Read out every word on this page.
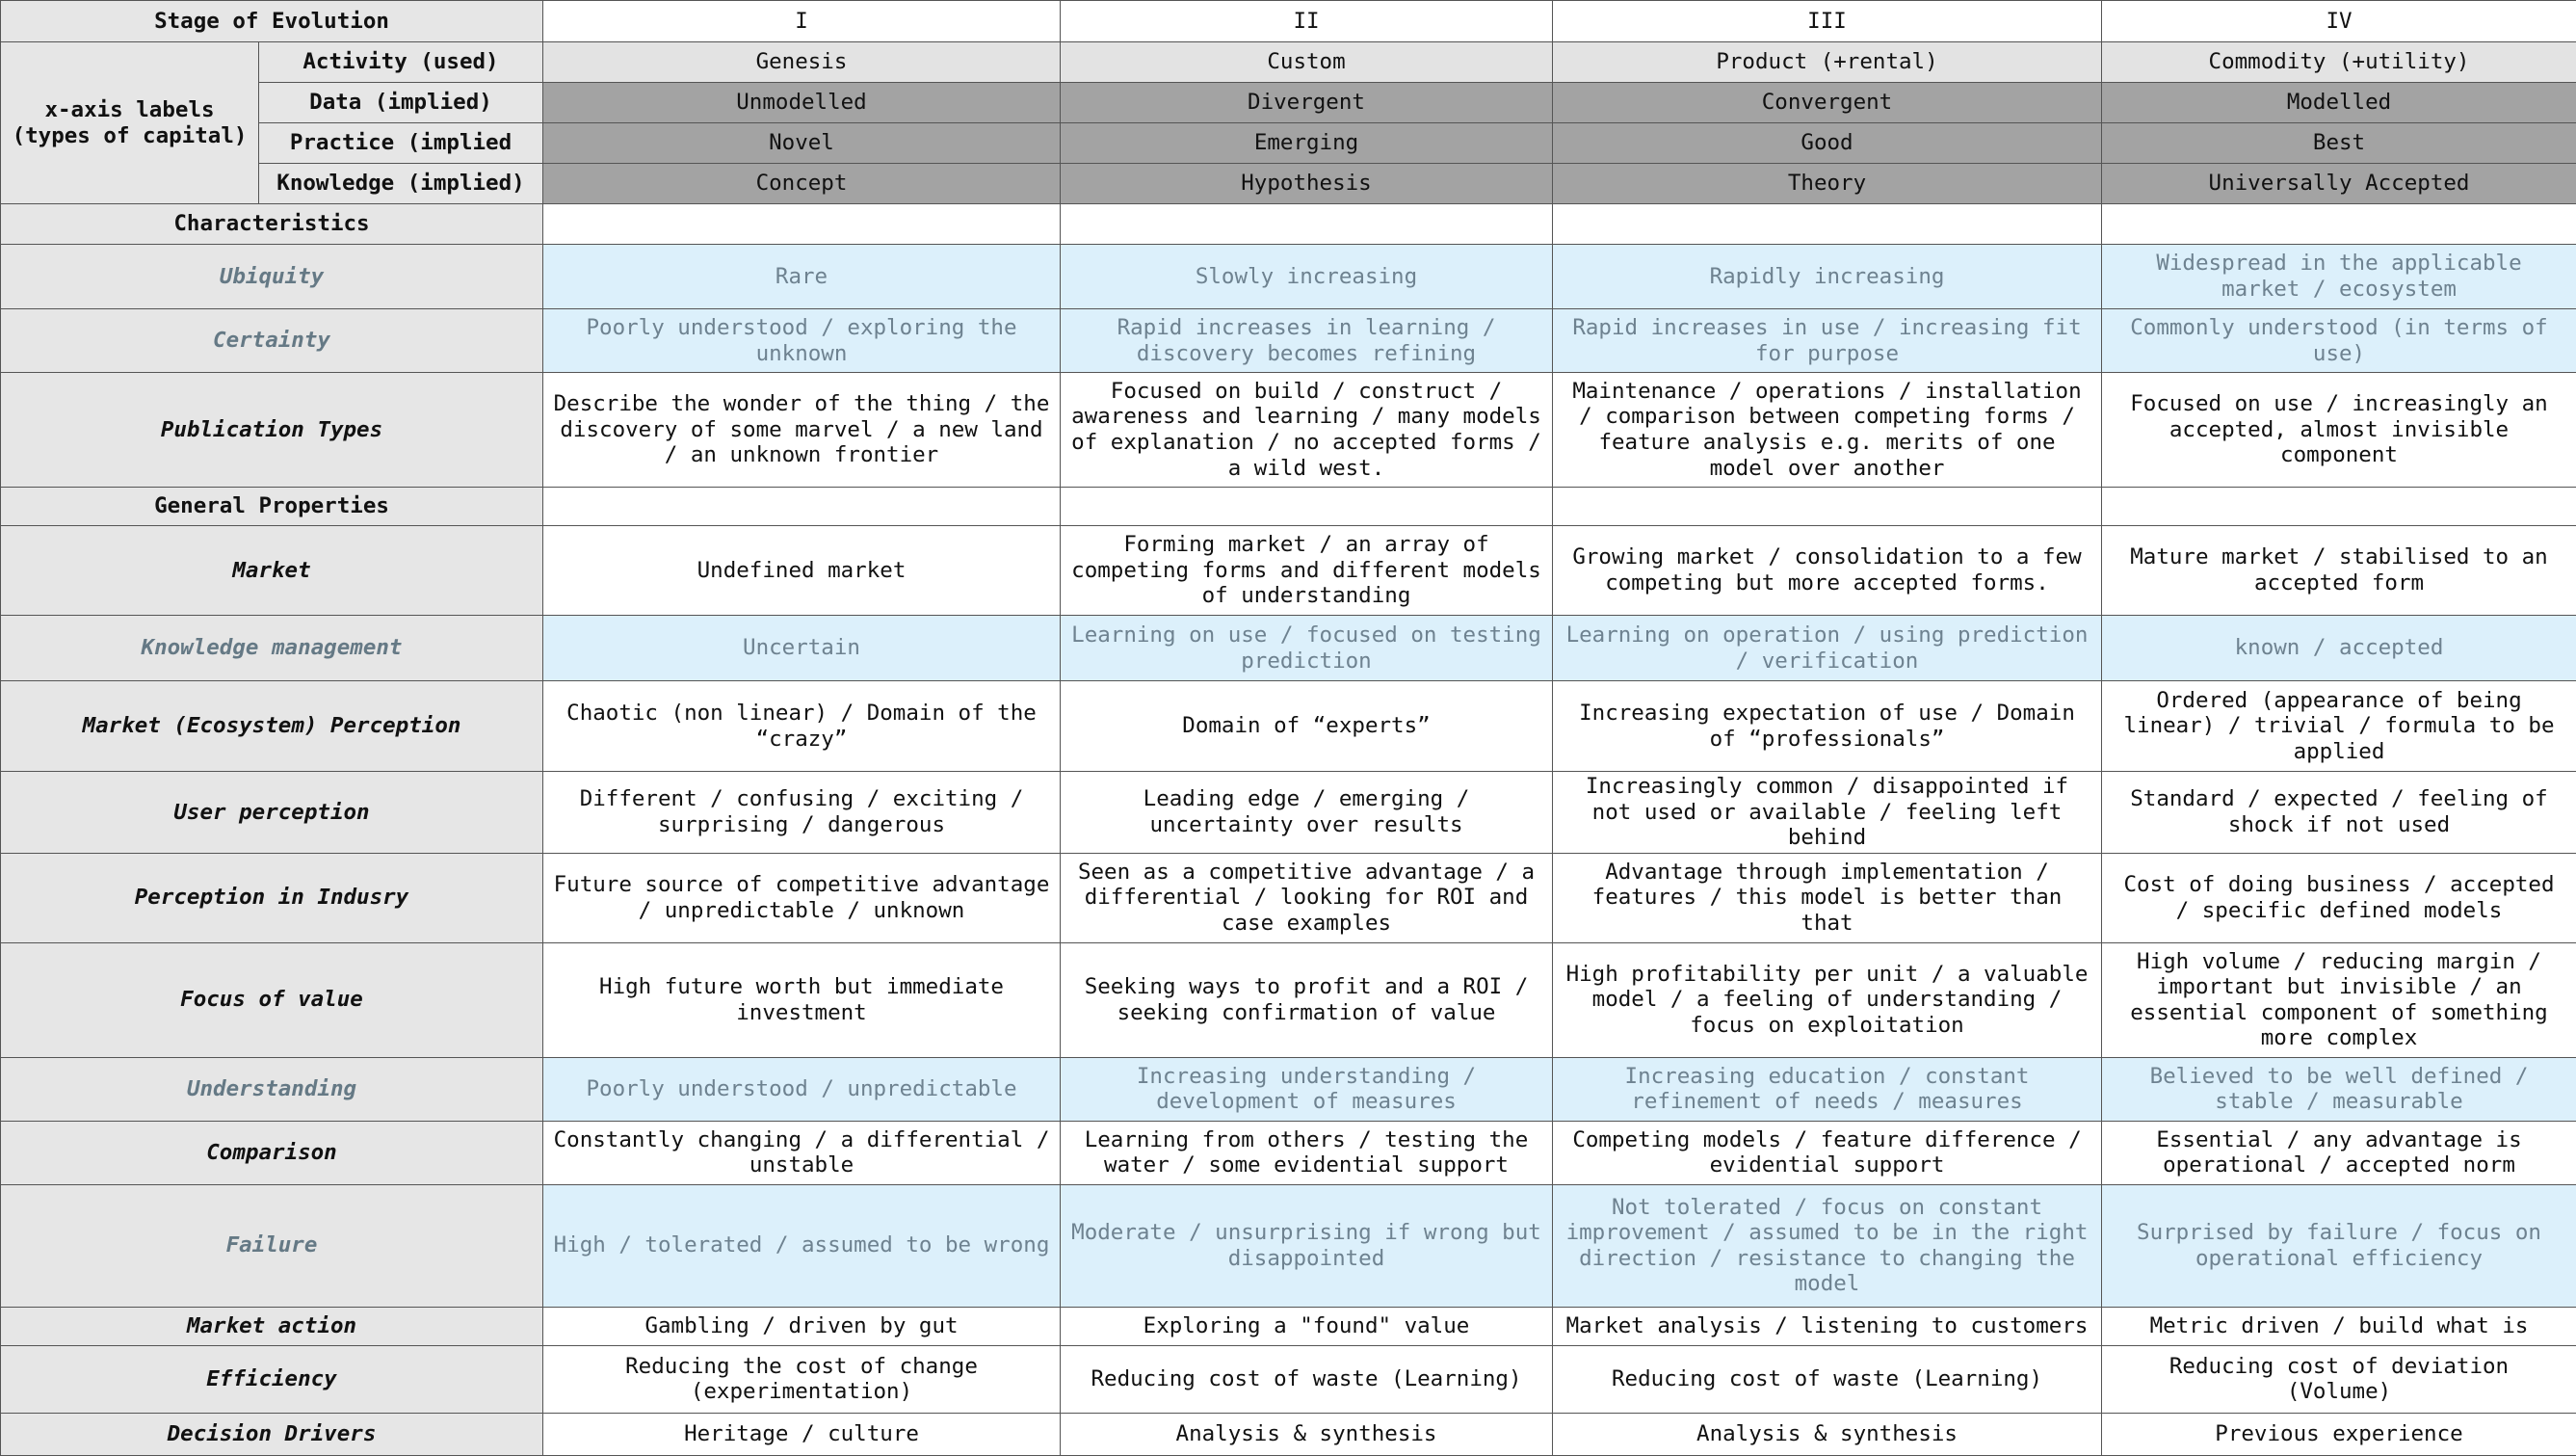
Stage of Evolution		I	II	III	IV

x-axis labels
(types of capital)	Activity (used)	Genesis	Custom	Product (+rental)	Commodity (+utility)
	Data (implied)	Unmodelled	Divergent	Convergent	Modelled
	Practice (implied	Novel	Emerging	Good	Best
	Knowledge (implied)	Concept	Hypothesis	Theory	Universally Accepted
Characteristics					
Ubiquity		Rare	Slowly increasing	Rapidly increasing	Widespread in the applicable market / ecosystem
Certainty		Poorly understood / exploring the unknown	Rapid increases in learning / discovery becomes refining	Rapid increases in use / increasing fit for purpose	Commonly understood (in terms of use)
Publication Types		Describe the wonder of the thing / the discovery of some marvel / a new land / an unknown frontier	Focused on build / construct / awareness and learning / many models of explanation / no accepted forms / a wild west.	Maintenance / operations / installation / comparison between competing forms / feature analysis e.g. merits of one model over another	Focused on use / increasingly an accepted, almost invisible component
General Properties					
Market		Undefined market	Forming market / an array of competing forms and different models of understanding	Growing market / consolidation to a few competing but more accepted forms.	Mature market / stabilised to an accepted form
Knowledge management		Uncertain	Learning on use / focused on testing prediction	Learning on operation / using prediction / verification	known / accepted
Market (Ecosystem) Perception		Chaotic (non linear) / Domain of the “crazy”	Domain of “experts”	Increasing expectation of use / Domain of “professionals”	Ordered (appearance of being linear) / trivial / formula to be applied
User perception		Different / confusing / exciting / surprising / dangerous	Leading edge / emerging / uncertainty over results	Increasingly common / disappointed if not used or available / feeling left behind	Standard / expected / feeling of shock if not used
Perception in Indusry		Future source of competitive advantage / unpredictable / unknown	Seen as a competitive advantage / a differential / looking for ROI and case examples	Advantage through implementation / features / this model is better than that	Cost of doing business / accepted / specific defined models
Focus of value		High future worth but immediate investment	Seeking ways to profit and a ROI / seeking confirmation of value	High profitability per unit / a valuable model / a feeling of understanding / focus on exploitation	High volume / reducing margin / important but invisible / an essential component of something more complex
Understanding		Poorly understood / unpredictable	Increasing understanding / development of measures	Increasing education / constant refinement of needs / measures	Believed to be well defined / stable / measurable
Comparison		Constantly changing / a differential / unstable	Learning from others / testing the water / some evidential support	Competing models / feature difference / evidential support	Essential / any advantage is operational / accepted norm
Failure		High / tolerated / assumed to be wrong	Moderate / unsurprising if wrong but disappointed	Not tolerated / focus on constant improvement / assumed to be in the right direction / resistance to changing the model	Surprised by failure / focus on operational efficiency
Market action		Gambling / driven by gut	Exploring a "found" value	Market analysis / listening to customers	Metric driven / build what is
Efficiency		Reducing the cost of change (experimentation)	Reducing cost of waste (Learning)	Reducing cost of waste (Learning)	Reducing cost of deviation (Volume)
Decision Drivers		Heritage / culture	Analysis & synthesis	Analysis & synthesis	Previous experience
